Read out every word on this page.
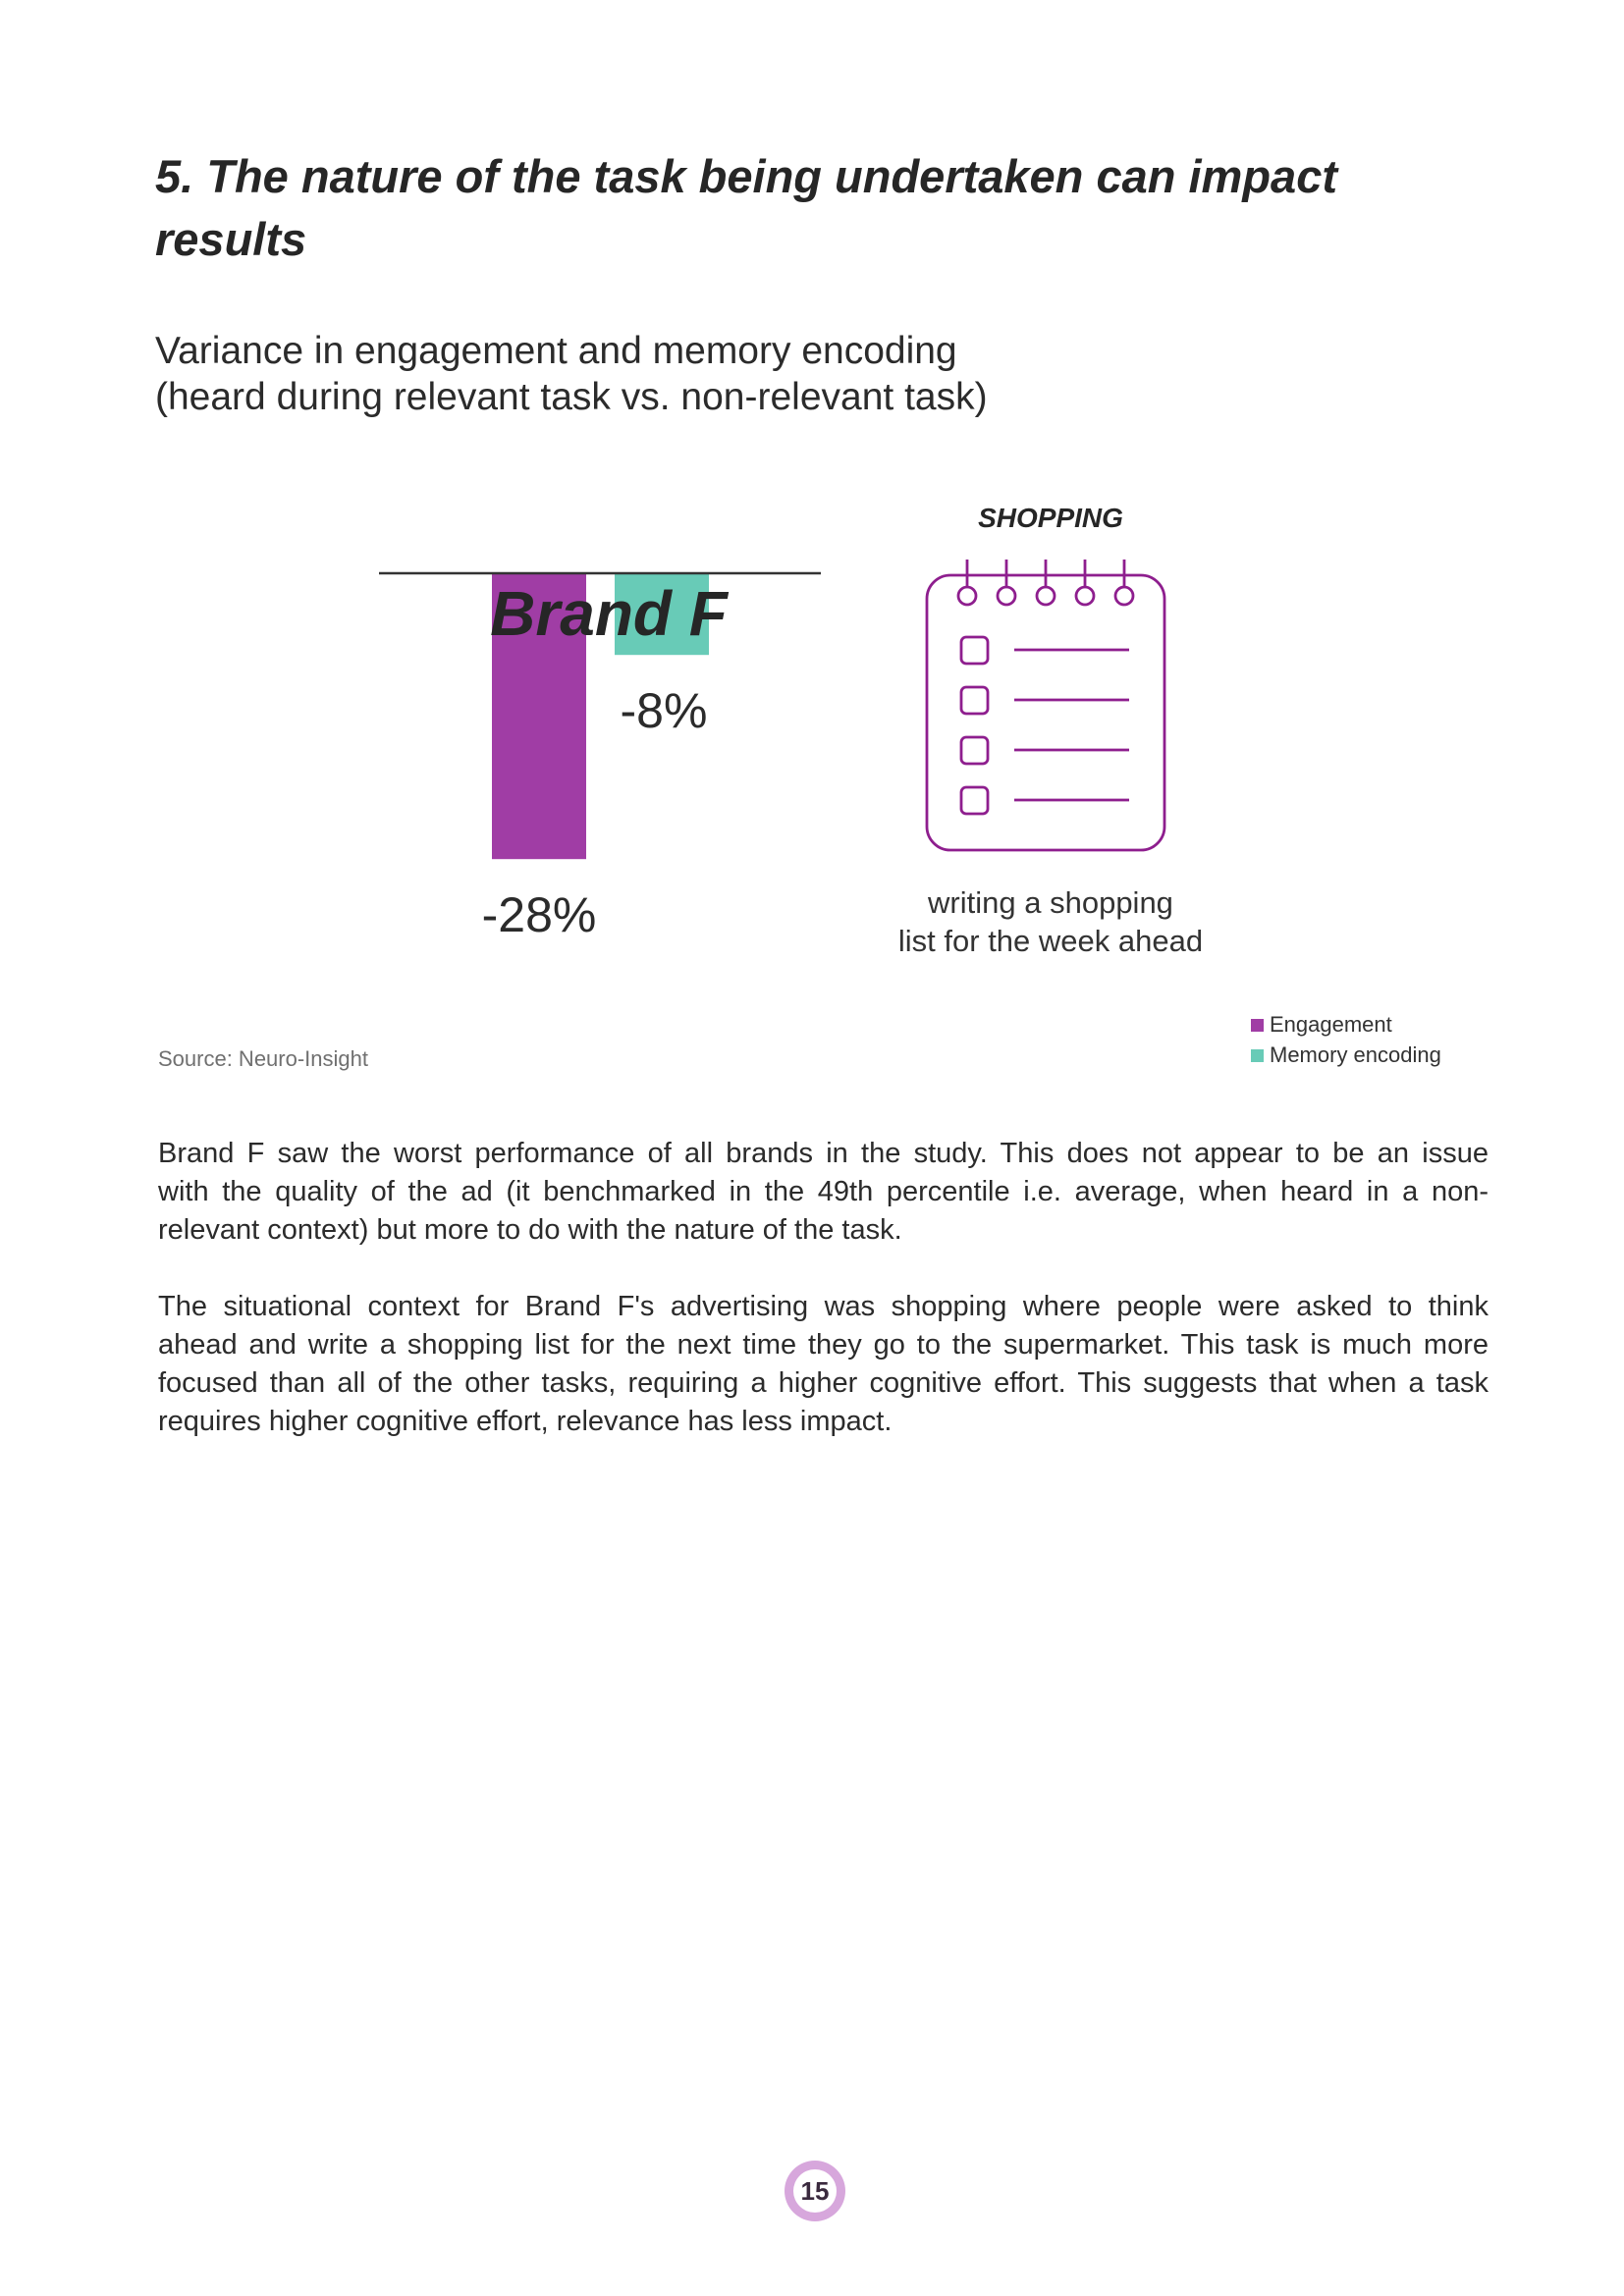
5. The nature of the task being undertaken can impact
results

Variance in engagement and memory encoding

(heard during relevant task vs. non-relevant task)

Brand F
-28%
-8%
SHOPPING
writing a shopping
list for the week ahead
Source: Neuro-Insight
Engagement
Memory encoding

Brand F saw the worst performance of all brands in the study. This does not appear to be an issue
with the quality of the ad (it benchmarked in the 49th percentile i.e. average, when heard in a non-
relevant context) but more to do with the nature of the task.

The situational context for Brand F's advertising was shopping where people were asked to think
ahead and write a shopping list for the next time they go to the supermarket. This task is much more
focused than all of the other tasks, requiring a higher cognitive effort. This suggests that when a task
requires higher cognitive effort, relevance has less impact.

15
